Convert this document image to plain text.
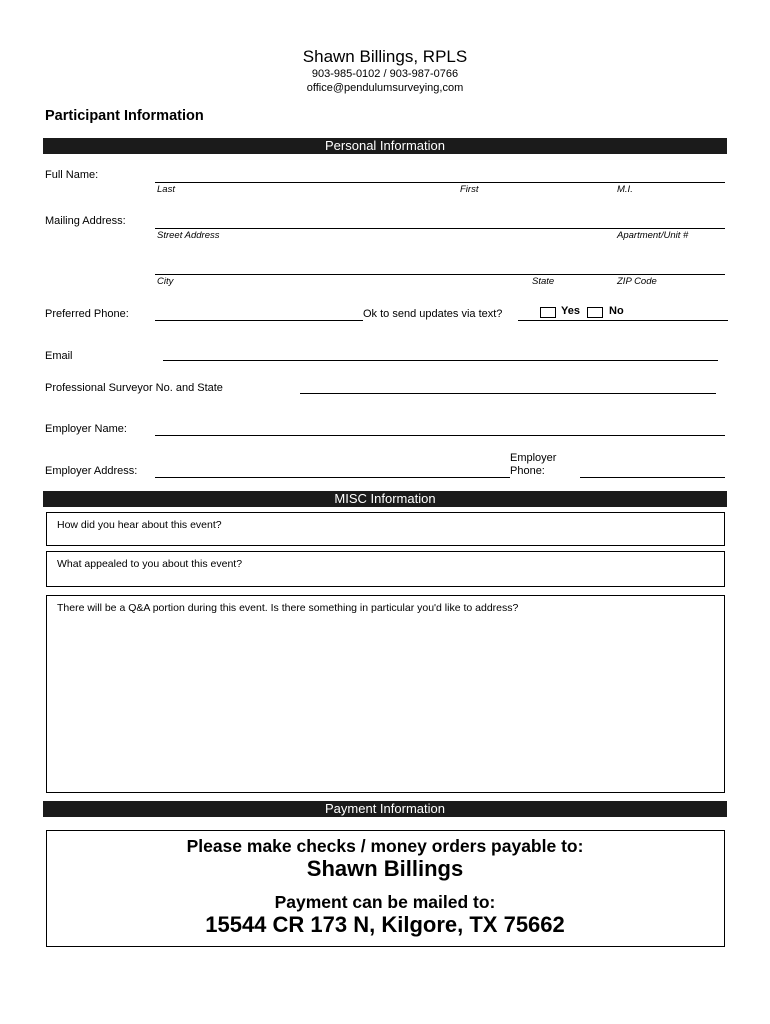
Shawn Billings, RPLS
903-985-0102 / 903-987-0766
office@pendulumsurveying,com
Participant Information
Personal Information
Full Name:
Last	First	M.I.
Mailing Address:
Street Address	Apartment/Unit #
City	State	ZIP Code
Preferred Phone:	Ok to send updates via text?	Yes	No
Email
Professional Surveyor No. and State
Employer Name:
Employer Address:
Employer
Phone:
MISC Information
How did you hear about this event?
What appealed to you about this event?
There will be a Q&A portion during this event. Is there something in particular you'd like to address?
Payment Information
Please make checks / money orders payable to:
Shawn Billings
Payment can be mailed to:
15544 CR 173 N, Kilgore, TX 75662
